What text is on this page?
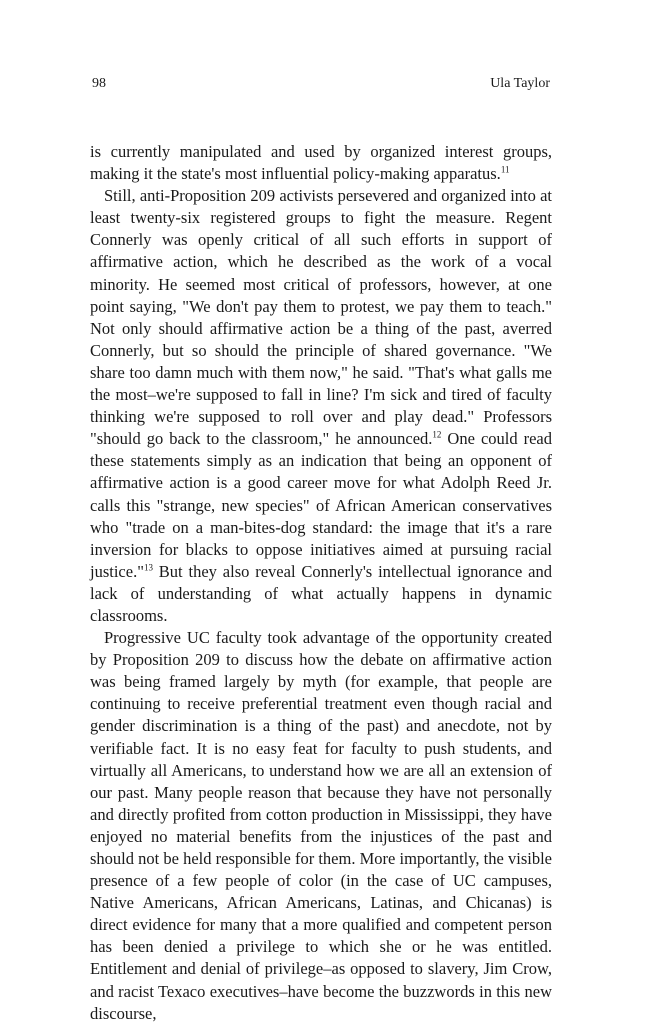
98	Ula Taylor

is currently manipulated and used by organized interest groups, making it the state's most influential policy-making apparatus.$^{11}$

Still, anti-Proposition 209 activists persevered and organized into at least twenty-six registered groups to fight the measure. Regent Connerly was openly critical of all such efforts in support of affirmative action, which he described as the work of a vocal minority. He seemed most critical of professors, however, at one point saying, "We don't pay them to protest, we pay them to teach." Not only should affirmative action be a thing of the past, averred Connerly, but so should the principle of shared governance. "We share too damn much with them now," he said. "That's what galls me the most–we're supposed to fall in line? I'm sick and tired of faculty thinking we're supposed to roll over and play dead." Professors "should go back to the classroom," he announced.$^{12}$ One could read these statements simply as an indication that being an opponent of affirmative action is a good career move for what Adolph Reed Jr. calls this "strange, new species" of African American conservatives who "trade on a man-bites-dog standard: the image that it's a rare inversion for blacks to oppose initiatives aimed at pursuing racial justice."$^{13}$ But they also reveal Connerly's intellectual ignorance and lack of understanding of what actually happens in dynamic classrooms.

Progressive UC faculty took advantage of the opportunity created by Proposition 209 to discuss how the debate on affirmative action was being framed largely by myth (for example, that people are continuing to receive preferential treatment even though racial and gender discrimination is a thing of the past) and anecdote, not by verifiable fact. It is no easy feat for faculty to push students, and virtually all Americans, to understand how we are all an extension of our past. Many people reason that because they have not personally and directly profited from cotton production in Mississippi, they have enjoyed no material benefits from the injustices of the past and should not be held responsible for them. More importantly, the visible presence of a few people of color (in the case of UC campuses, Native Americans, African Americans, Latinas, and Chicanas) is direct evidence for many that a more qualified and competent person has been denied a privilege to which she or he was entitled. Entitlement and denial of privilege–as opposed to slavery, Jim Crow, and racist Texaco executives–have become the buzzwords in this new discourse,
